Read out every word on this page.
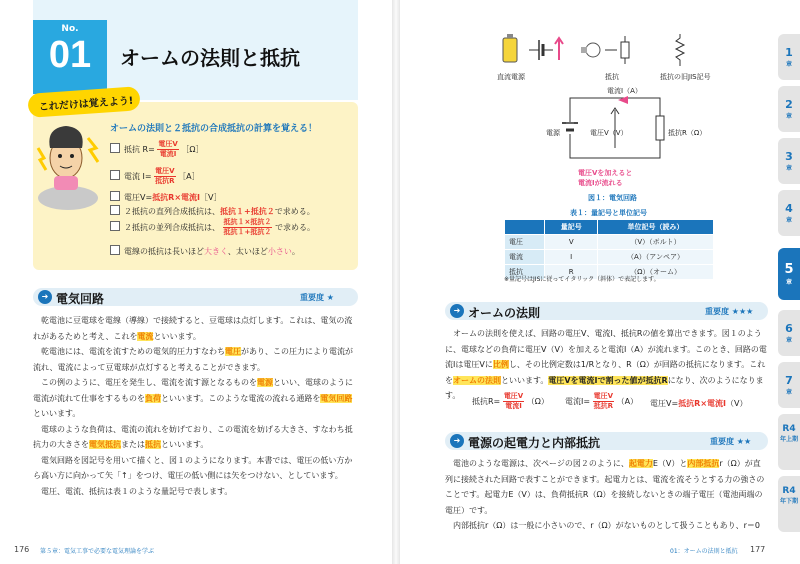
No.
01	オームの法則と抵抗
これだけは覚えよう!
オームの法則と２抵抗の合成抵抗の計算を覚える！
抵抗 $R= \frac{\text{電圧V}}{\text{電流I}}$ ［Ω］
電流 $I= \frac{\text{電圧V}}{\text{抵抗R}}$ ［A］
電圧V=抵抗R×電流I［V］
２抵抗の直列合成抵抗は、抵抗１+抵抗２で求める。
２抵抗の並列合成抵抗は、 $\frac{\text{抵抗１×抵抗２}}{\text{抵抗１+抵抗２}}$ で求める。
電線の抵抗は長いほど大きく、太いほど小さい。
➜ 電気回路	重要度 ★

乾電池に豆電球を電線（導線）で接続すると、豆電球は点灯します。これは、電気の流れがあるためと考え、これを電流といいます。

乾電池には、電流を流すための電気的圧力すなわち電圧があり、この圧力により電流が流れ、電流によって豆電球が点灯すると考えることができます。

この例のように、電圧を発生し、電流を流す源となるものを電源といい、電球のように電流が流れて仕事をするものを負荷といいます。このような電流の流れる通路を電気回路といいます。

電球のような負荷は、電流の流れを妨げており、この電流を妨げる大きさ、すなわち抵抗力の大きさを電気抵抗または抵抗といいます。

電気回路を図記号を用いて描くと、図１のようになります。本書では、電圧の低い方から高い方に向かって矢「↑」をつけ、電圧の低い側には矢をつけない、としています。

電圧、電流、抵抗は表１のような量記号で表します。

176 第５章：電気工事で必要な電気理論を学ぶ
直流電源	抵抗	抵抗の旧JIS記号
電流I（A）
電源	電圧V（V）	抵抗R（Ω）
電圧Vを加えると
電流Iが流れる
図１：電気回路
表１：量記号と単位記号
	量記号	単位記号（読み）
電圧	V	（V）（ボルト）
電流	I	（A）（アンペア）
抵抗	R	（Ω）（オーム）
※量記号はJISに従ってイタリック（斜体）で表記します。
➜ オームの法則	重要度 ★★★

オームの法則を使えば、回路の電圧V、電流I、抵抗Rの値を算出できます。図１のように、電球などの負荷に電圧V（V）を加えると電流I（A）が流れます。このとき、回路の電流Iは電圧Vに比例し、その比例定数は1/Rとなり、R（Ω）が回路の抵抗になります。これをオームの法則といいます。電圧Vを電流Iで割った値が抵抗Rになり、次のようになります。

抵抗$R= \frac{\text{電圧V}}{\text{電流I}} (\Omega)$ 電流$I= \frac{\text{電圧V}}{\text{抵抗R}} (A)$ 電圧V=抵抗R×電流I（V）
➜ 電源の起電力と内部抵抗	重要度 ★★

電池のような電源は、次ページの図２のように、起電力E（V）と内部抵抗r（Ω）が直列に接続された回路で表すことができます。起電力とは、電流を流そうとする力の強さのことです。起電力E（V）は、負荷抵抗R（Ω）を接続しないときの端子電圧（電池両端の電圧）です。

内部抵抗r（Ω）は一般に小さいので、r（Ω）がないものとして扱うこともあり、r＝0

01：オームの法則と抵抗 177
1
章
2
章
3
章
4
章
5
章
6
章
7
章
R4
年上期
R4
年下期
